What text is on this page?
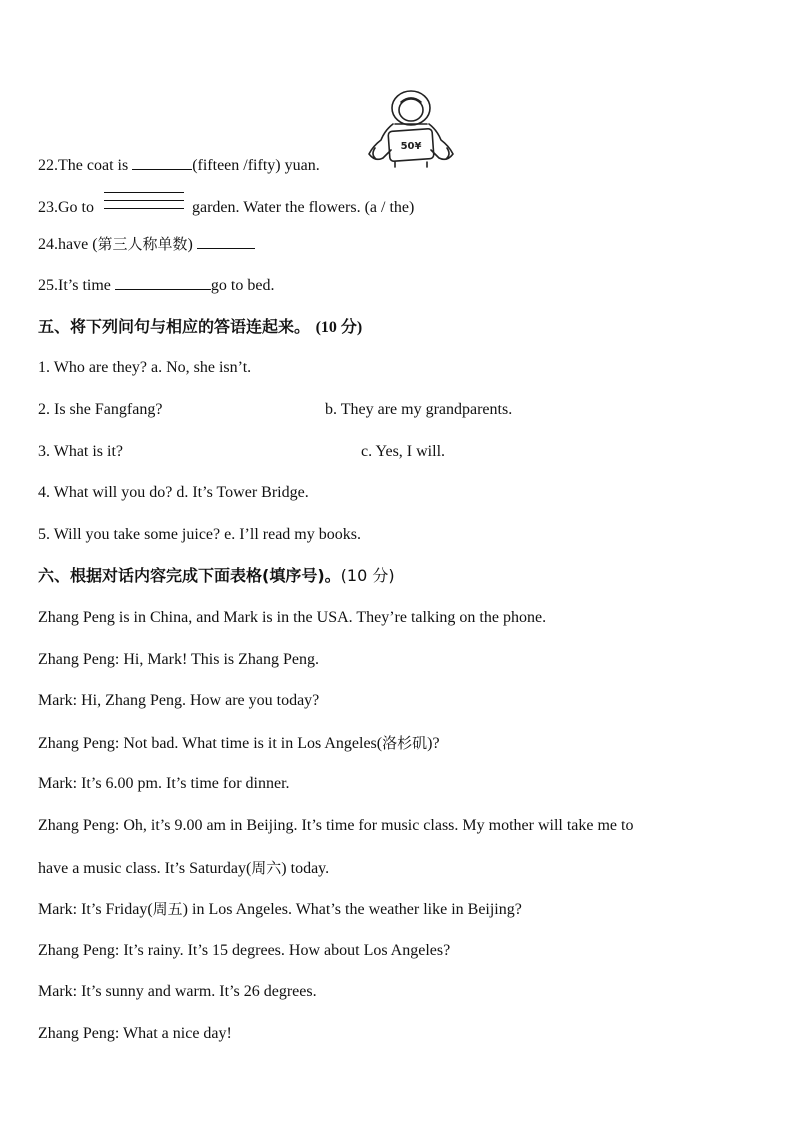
50¥
22.The coat is	(fifteen /fifty) yuan.
23.Go to	garden. Water the flowers. (a / the)
24.have (第三人称单数)
25.It’s time	go to bed.
五、将下列问句与相应的答语连起来。 (10 分)
1. Who are they? a. No, she isn’t.
2. Is she Fangfang?	b. They are my grandparents.
3. What is it?	c. Yes, I will.
4. What will you do? d. It’s Tower Bridge.
5. Will you take some juice? e. I’ll read my books.
六、根据对话内容完成下面表格(填序号)。(10 分)
Zhang Peng is in China, and Mark is in the USA. They’re talking on the phone.
Zhang Peng: Hi, Mark! This is Zhang Peng.
Mark: Hi, Zhang Peng. How are you today?
Zhang Peng: Not bad. What time is it in Los Angeles(洛杉矶)?
Mark: It’s 6.00 pm. It’s time for dinner.
Zhang Peng: Oh, it’s 9.00 am in Beijing. It’s time for music class. My mother will take me to
have a music class. It’s Saturday(周六) today.
Mark: It’s Friday(周五) in Los Angeles. What’s the weather like in Beijing?
Zhang Peng: It’s rainy. It’s 15 degrees. How about Los Angeles?
Mark: It’s sunny and warm. It’s 26 degrees.
Zhang Peng: What a nice day!
